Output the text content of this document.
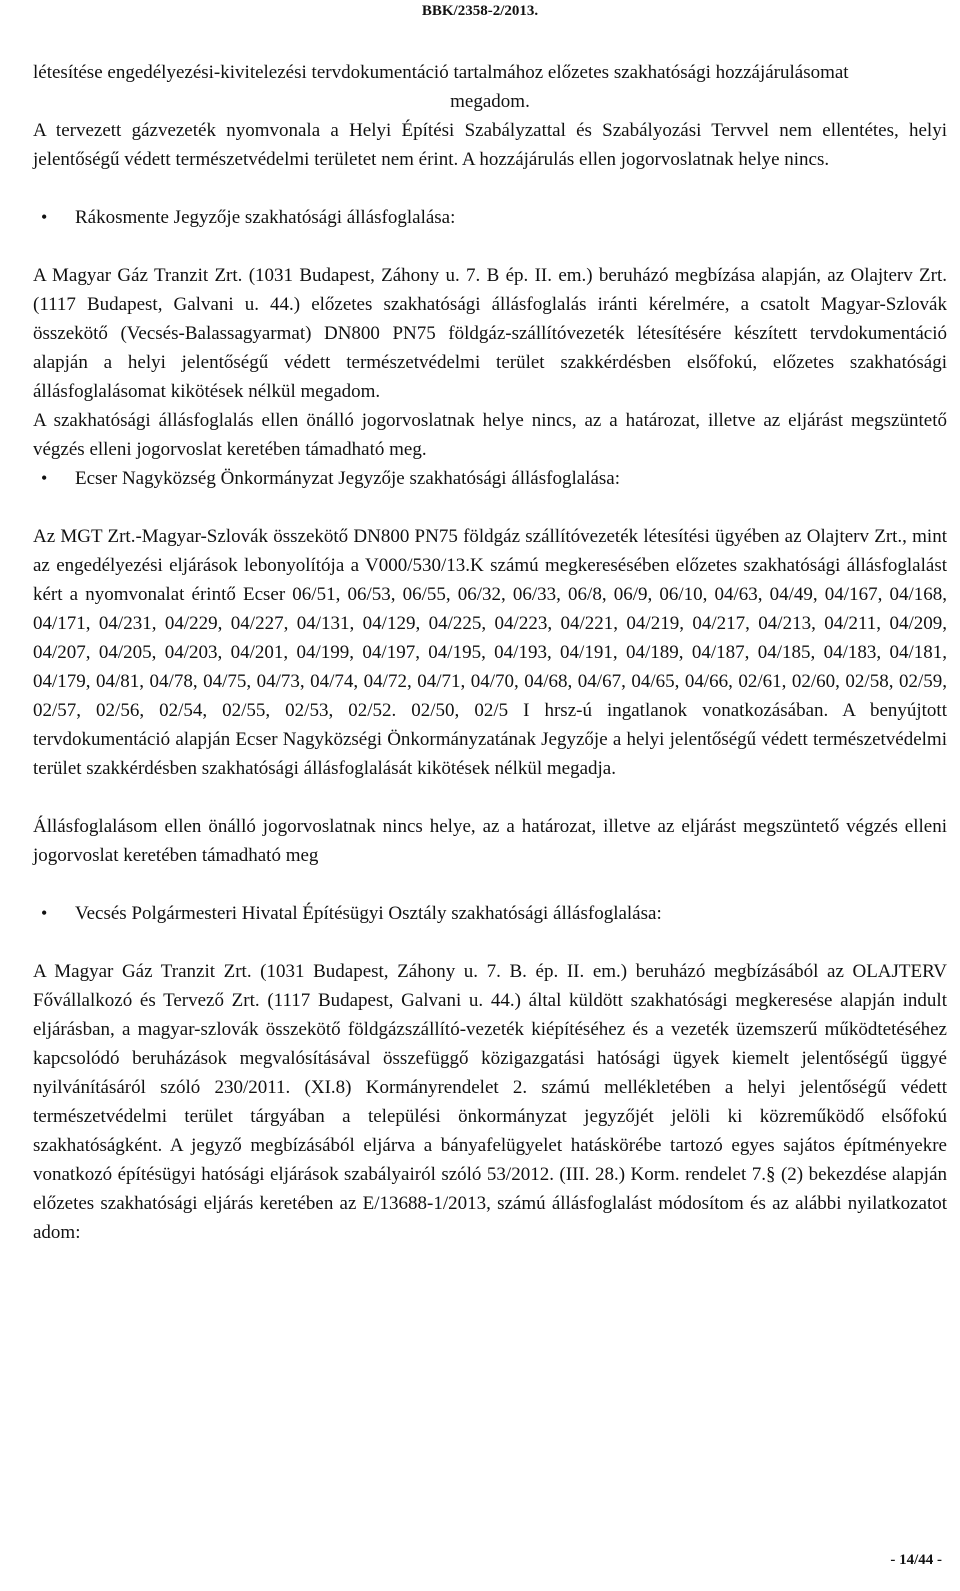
BBK/2358-2/2013.

létesítése engedélyezési-kivitelezési tervdokumentáció tartalmához előzetes szakhatósági hozzájárulásomat

megadom.

A tervezett gázvezeték nyomvonala a Helyi Építési Szabályzattal és Szabályozási Tervvel nem ellentétes, helyi jelentőségű védett természetvédelmi területet nem érint. A hozzájárulás ellen jogorvoslatnak helye nincs.

• Rákosmente Jegyzője szakhatósági állásfoglalása:

A Magyar Gáz Tranzit Zrt. (1031 Budapest, Záhony u. 7. B ép. II. em.) beruházó megbízása alapján, az Olajterv Zrt. (1117 Budapest, Galvani u. 44.) előzetes szakhatósági állásfoglalás iránti kérelmére, a csatolt Magyar-Szlovák összekötő (Vecsés-Balassagyarmat) DN800 PN75 földgáz-szállítóvezeték létesítésére készített tervdokumentáció alapján a helyi jelentőségű védett természetvédelmi terület szakkérdésben elsőfokú, előzetes szakhatósági állásfoglalásomat kikötések nélkül megadom.

A szakhatósági állásfoglalás ellen önálló jogorvoslatnak helye nincs, az a határozat, illetve az eljárást megszüntető végzés elleni jogorvoslat keretében támadható meg.

• Ecser Nagyközség Önkormányzat Jegyzője szakhatósági állásfoglalása:

Az MGT Zrt.-Magyar-Szlovák összekötő DN800 PN75 földgáz szállítóvezeték létesítési ügyében az Olajterv Zrt., mint az engedélyezési eljárások lebonyolítója a V000/530/13.K számú megkeresésében előzetes szakhatósági állásfoglalást kért a nyomvonalat érintő Ecser 06/51, 06/53, 06/55, 06/32, 06/33, 06/8, 06/9, 06/10, 04/63, 04/49, 04/167, 04/168, 04/171, 04/231, 04/229, 04/227, 04/131, 04/129, 04/225, 04/223, 04/221, 04/219, 04/217, 04/213, 04/211, 04/209, 04/207, 04/205, 04/203, 04/201, 04/199, 04/197, 04/195, 04/193, 04/191, 04/189, 04/187, 04/185, 04/183, 04/181, 04/179, 04/81, 04/78, 04/75, 04/73, 04/74, 04/72, 04/71, 04/70, 04/68, 04/67, 04/65, 04/66, 02/61, 02/60, 02/58, 02/59, 02/57, 02/56, 02/54, 02/55, 02/53, 02/52. 02/50, 02/5 I hrsz-ú ingatlanok vonatkozásában. A benyújtott tervdokumentáció alapján Ecser Nagyközségi Önkormányzatának Jegyzője a helyi jelentőségű védett természetvédelmi terület szakkérdésben szakhatósági állásfoglalását kikötések nélkül megadja.

Állásfoglalásom ellen önálló jogorvoslatnak nincs helye, az a határozat, illetve az eljárást megszüntető végzés elleni jogorvoslat keretében támadható meg

• Vecsés Polgármesteri Hivatal Építésügyi Osztály szakhatósági állásfoglalása:

A Magyar Gáz Tranzit Zrt. (1031 Budapest, Záhony u. 7. B. ép. II. em.) beruházó megbízásából az OLAJTERV Fővállalkozó és Tervező Zrt. (1117 Budapest, Galvani u. 44.) által küldött szakhatósági megkeresése alapján indult eljárásban, a magyar-szlovák összekötő földgázszállító-vezeték kiépítéséhez és a vezeték üzemszerű működtetéséhez kapcsolódó beruházások megvalósításával összefüggő közigazgatási hatósági ügyek kiemelt jelentőségű üggyé nyilvánításáról szóló 230/2011. (XI.8) Kormányrendelet 2. számú mellékletében a helyi jelentőségű védett természetvédelmi terület tárgyában a települési önkormányzat jegyzőjét jelöli ki közreműködő elsőfokú szakhatóságként. A jegyző megbízásából eljárva a bányafelügyelet hatáskörébe tartozó egyes sajátos építményekre vonatkozó építésügyi hatósági eljárások szabályairól szóló 53/2012. (III. 28.) Korm. rendelet 7.§ (2) bekezdése alapján előzetes szakhatósági eljárás keretében az E/13688-1/2013, számú állásfoglalást módosítom és az alábbi nyilatkozatot adom:

- 14/44 -
